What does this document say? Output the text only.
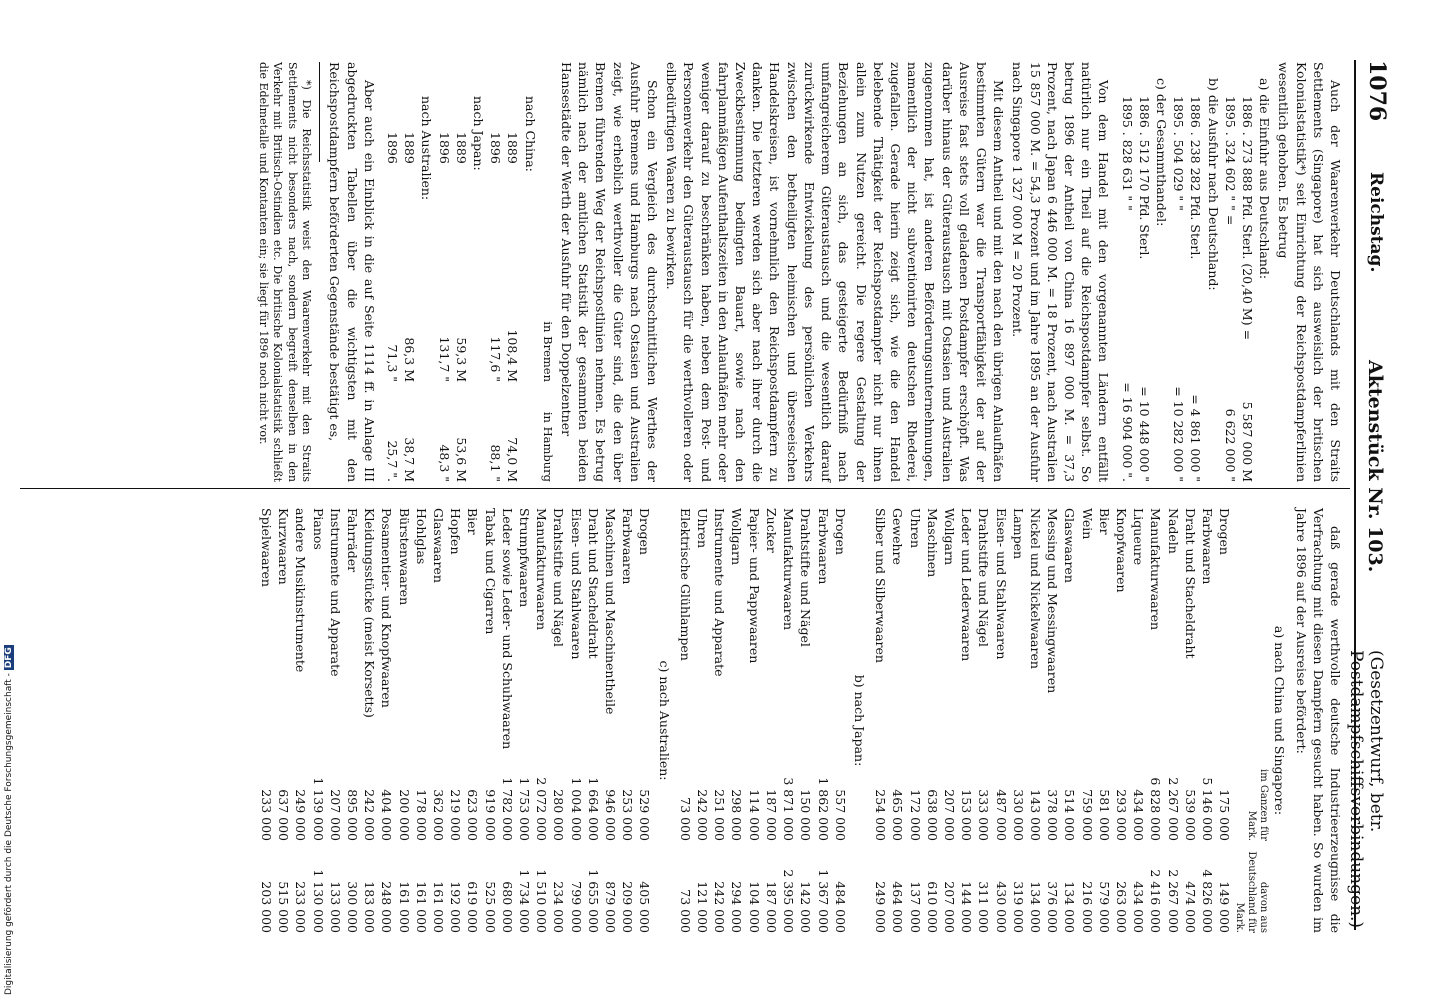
1076
Reichstag.
Aktenstück Nr. 103.
(Gesetzentwurf, betr. Postdampfschiffsverbindungen.)

Auch der Waarenverkehr Deutschlands mit den Straits Settlements (Singapore) hat sich ausweislich der britischen Kolonialstatistik*) seit Einrichtung der Reichspostdampferlinien wesentlich gehoben. Es betrug

a) die Einfuhr aus Deutschland:
1886 . 273 888 Pfd. Sterl. (20,40 M) =
5 587 000 M
1895 . 324 602 " " =
6 622 000 "
b) die Ausfuhr nach Deutschland:
1886 . 238 282 Pfd. Sterl.
= 4 861 000 "
1895 . 504 029 " "
= 10 282 000 "
c) der Gesammthandel:
1886 . 512 170 Pfd. Sterl.
= 10 448 000 "
1895 . 828 631 " "
= 16 904 000 ".

Von dem Handel mit den vorgenannten Ländern entfällt natürlich nur ein Theil auf die Reichspostdampfer selbst. So betrug 1896 der Antheil von China 16 897 000 M. = 37,3 Prozent, nach Japan 6 446 000 M. = 18 Prozent, nach Australien 15 857 000 M. = 54,3 Prozent und im Jahre 1895 an der Ausfuhr nach Singapore 1 327 000 M = 20 Prozent.

Mit diesem Antheil und mit den nach den übrigen Anlaufhäfen bestimmten Gütern war die Transportfähigkeit der auf der Ausreise fast stets voll geladenen Postdampfer erschöpft. Was darüber hinaus der Güteraustausch mit Ostasien und Australien zugenommen hat, ist anderen Beförderungsunternehmungen, namentlich der nicht subventionirten deutschen Rhederei, zugefallen. Gerade hierin zeigt sich, wie die den Handel belebende Thätigkeit der Reichspostdampfer nicht nur ihnen allein zum Nutzen gereicht. Die regere Gestaltung der Beziehungen an sich, das gesteigerte Bedürfniß nach umfangreicherem Güteraustausch und die wesentlich darauf zurückwirkende Entwickelung des persönlichen Verkehrs zwischen den betheiligten heimischen und überseeischen Handelskreisen, ist vornehmlich den Reichspostdampfern zu danken. Die letzteren werden sich aber nach ihrer durch die Zweckbestimmung bedingten Bauart, sowie nach den fahrplanmäßigen Aufenthaltszeiten in den Anlaufhäfen mehr oder weniger darauf zu beschränken haben, neben dem Post- und Personenverkehr den Güteraustausch für die werthvolleren oder eilbedürftigen Waaren zu bewirken.

Schon ein Vergleich des durchschnittlichen Werthes der Ausfuhr Bremens und Hamburgs nach Ostasien und Australien zeigt, wie erheblich werthvoller die Güter sind, die den über Bremen führenden Weg der Reichspostlinien nehmen. Es betrug nämlich nach der amtlichen Statistik der gesammten beiden Hansestädte der Werth der Ausfuhr für den Doppelzentner

in Bremen
in Hamburg
nach China:
1889
108,4 M
74,0 M
1896
117,6 "
88,1 "
nach Japan:
1889
59,3 M
53,6 M
1896
131,7 "
48,3 "
nach Australien:
1889
86,3 M
38,7 M
1896
71,3 "
25,7 ".

Aber auch ein Einblick in die auf Seite 1114 ff. in Anlage III abgedruckten Tabellen über die wichtigsten mit den Reichspostdampfern beförderten Gegenstände bestätigt es,

*) Die Reichsstatistik weist den Waarenverkehr mit den Straits Settlements nicht besonders nach, sondern begreift denselben in den Verkehr mit Britisch-Ostindien etc. Die britische Kolonialstatistik schließt die Edelmetalle und Kontanten ein; sie liegt für 1896 noch nicht vor.

daß gerade werthvolle deutsche Industrieerzeugnisse die Verfrachtung mit diesen Dampfern gesucht haben. So wurden im Jahre 1896 auf der Ausreise befördert:

a) nach China und Singapore:
im Ganzen für Mark.
davon aus Deutschland für Mark.
Drogen
175 000
149 000
Farbwaaren
5 146 000
4 826 000
Draht und Stacheldraht
539 000
474 000
Nadeln
2 267 000
2 267 000
Manufakturwaaren
6 828 000
2 416 000
Liqueure
434 000
434 000
Knopfwaaren
293 000
263 000
Bier
581 000
579 000
Wein
759 000
216 000
Glaswaaren
514 000
134 000
Messing und Messingwaaren
378 000
376 000
Nickel und Nickelwaaren
143 000
134 000
Lampen
330 000
319 000
Eisen- und Stahlwaaren
487 000
430 000
Drahtstifte und Nägel
333 000
311 000
Leder und Lederwaaren
153 000
144 000
Wollgarn
207 000
207 000
Maschinen
638 000
610 000
Uhren
172 000
137 000
Gewehre
465 000
464 000
Silber und Silberwaaren
254 000
249 000
b) nach Japan:
Drogen
557 000
484 000
Farbwaaren
1 862 000
1 367 000
Drahtstifte und Nägel
150 000
142 000
Manufakturwaaren
3 871 000
2 395 000
Zucker
187 000
187 000
Papier- und Pappwaaren
114 000
104 000
Wollgarn
298 000
294 000
Instrumente und Apparate
251 000
242 000
Uhren
242 000
121 000
Elektrische Glühlampen
73 000
73 000
c) nach Australien:
Drogen
529 000
405 000
Farbwaaren
253 000
209 000
Maschinen und Maschinentheile
946 000
879 000
Draht und Stacheldraht
1 664 000
1 655 000
Eisen- und Stahlwaaren
1 004 000
799 000
Drahtstifte und Nägel
280 000
234 000
Manufakturwaaren
2 072 000
1 510 000
Strumpfwaaren
1 753 000
1 734 000
Leder sowie Leder- und Schuhwaaren
1 782 000
680 000
Tabak und Cigarren
919 000
525 000
Bier
623 000
619 000
Hopfen
219 000
192 000
Glaswaaren
362 000
161 000
Hohlglas
178 000
161 000
Bürstenwaaren
200 000
161 000
Posamentier- und Knopfwaaren
404 000
248 000
Kleidungsstücke (meist Korsetts)
242 000
183 000
Fahrräder
895 000
300 000
Instrumente und Apparate
207 000
133 000
Pianos
1 139 000
1 130 000
andere Musikinstrumente
249 000
233 000
Kurzwaaren
637 000
515 000
Spielwaaren
233 000
203 000
Digitalisierung gefördert durch die Deutsche Forschungsgemeinschaft - DFG
